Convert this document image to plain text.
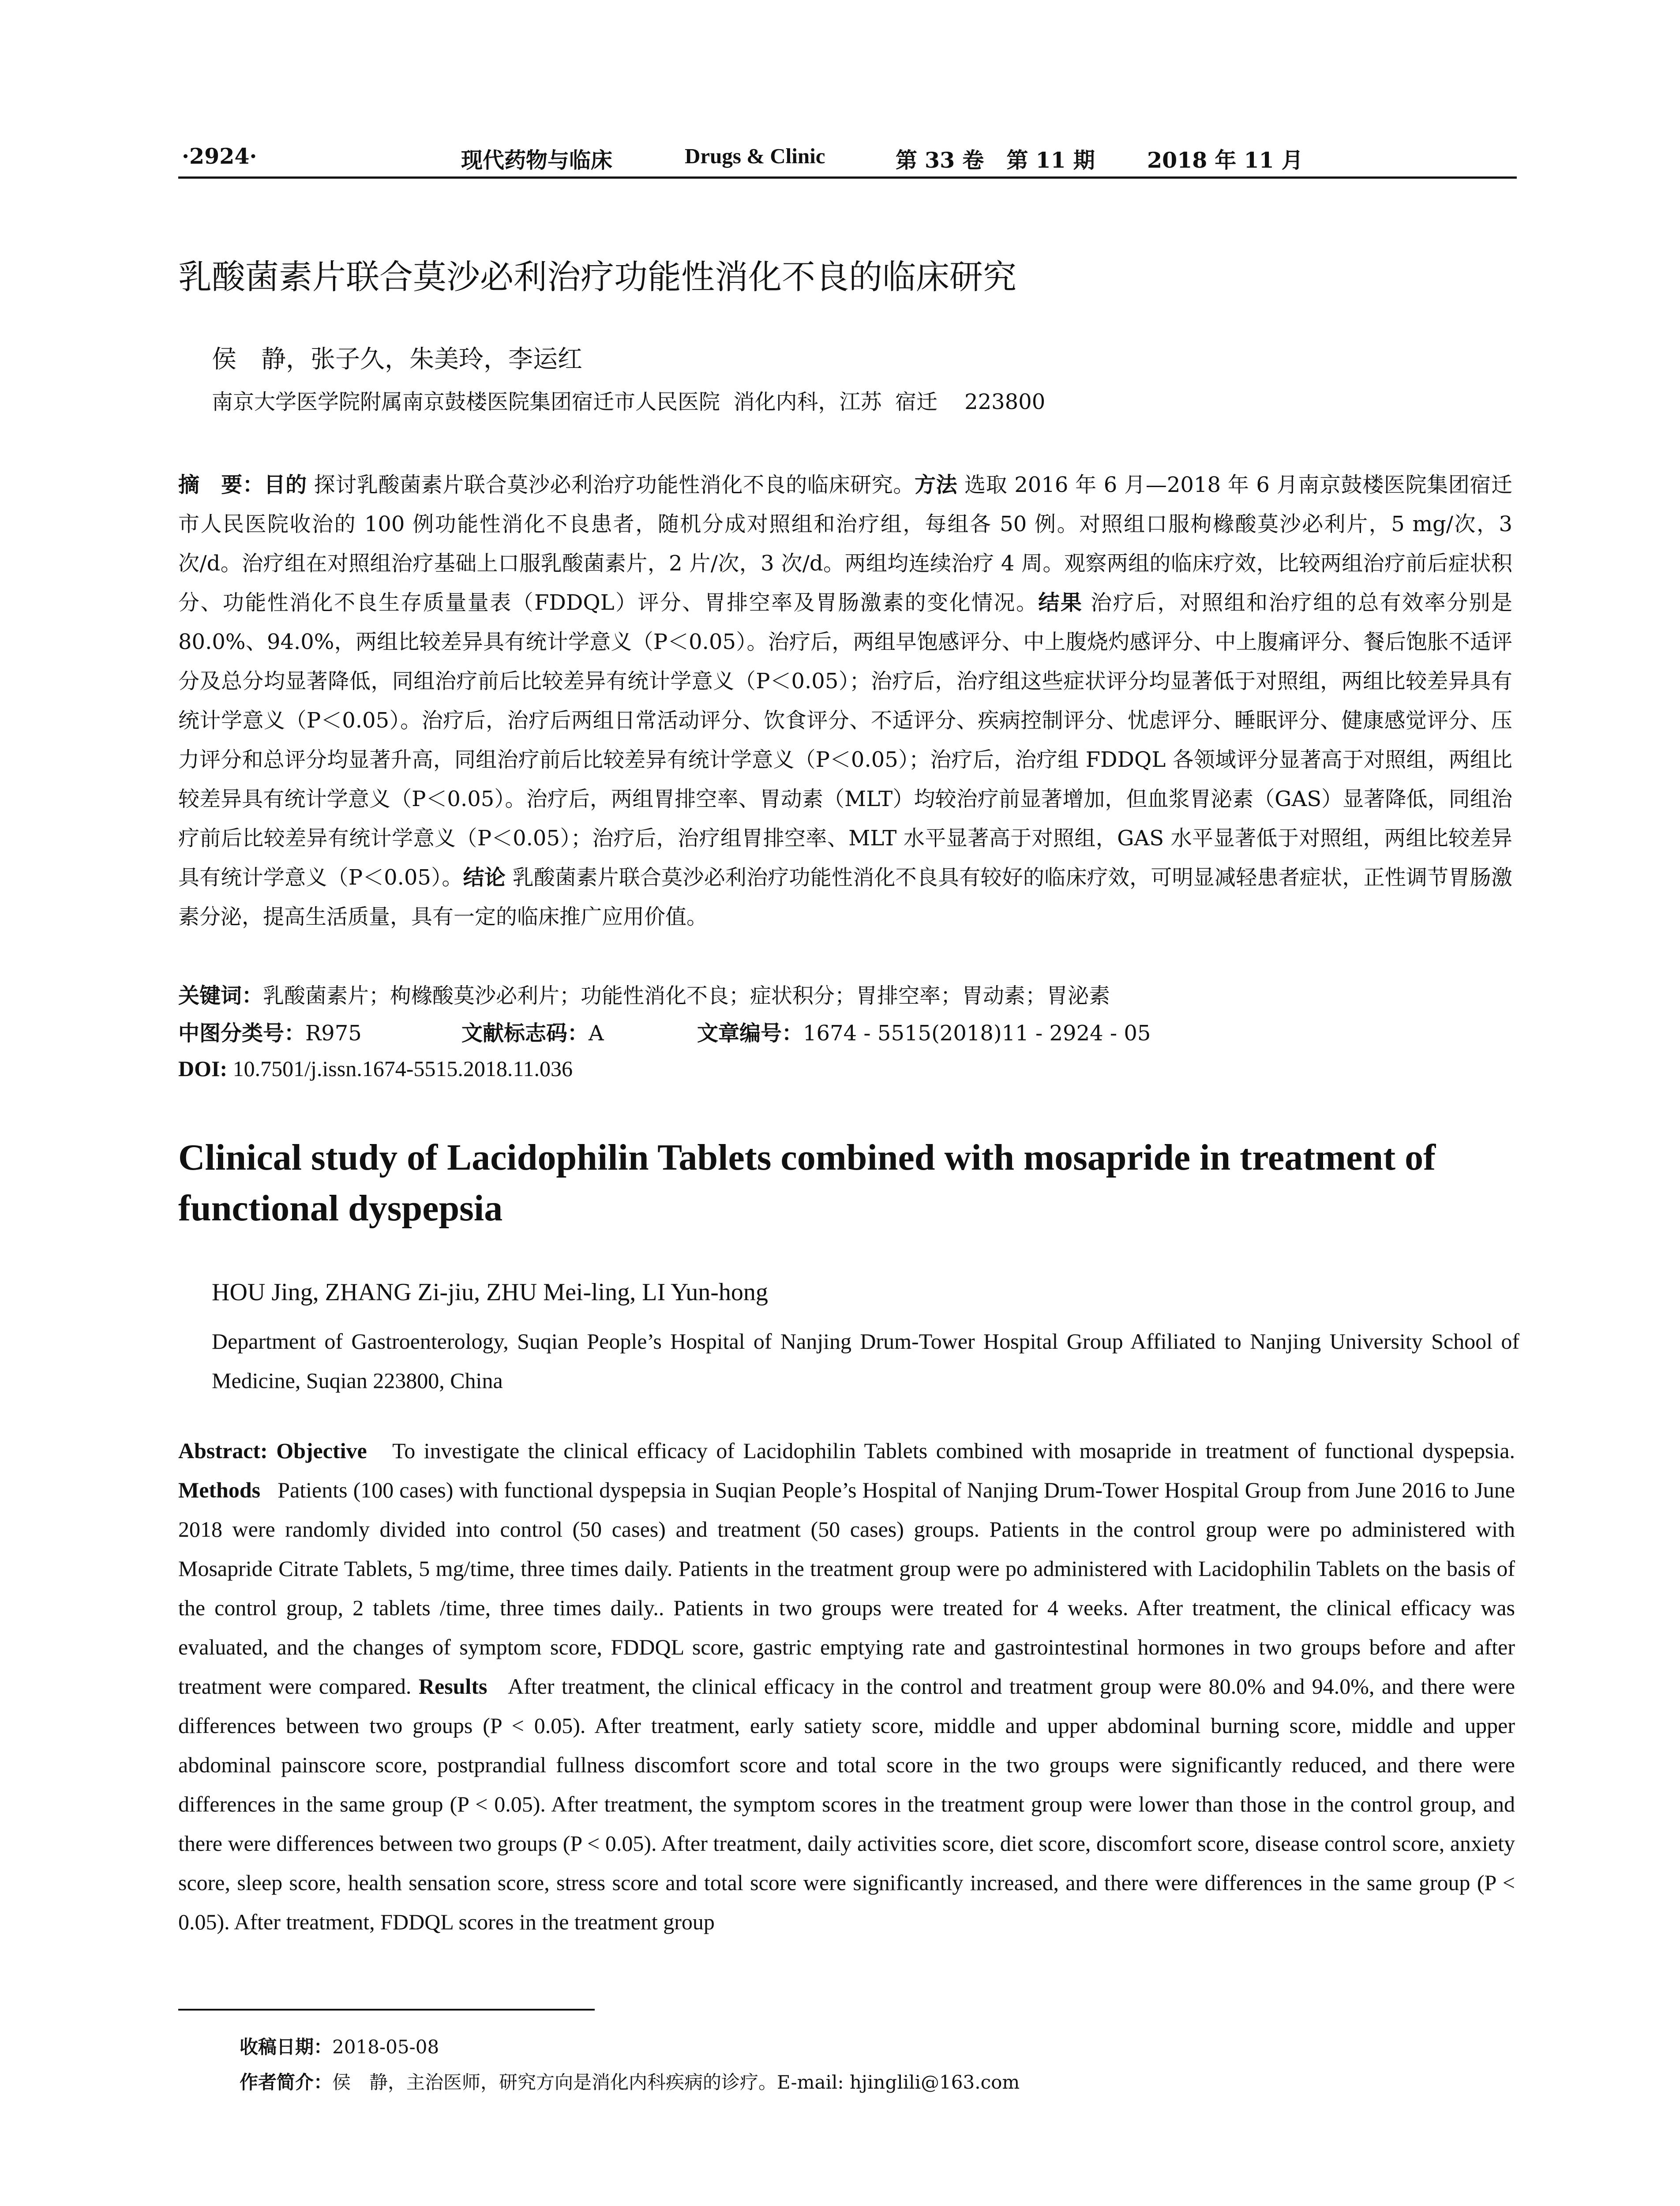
·2924·	现代药物与临床	Drugs & Clinic	第 33 卷   第 11 期 2018 年 11 月
乳酸菌素片联合莫沙必利治疗功能性消化不良的临床研究
侯　静，张子久，朱美玲，李运红
南京大学医学院附属南京鼓楼医院集团宿迁市人民医院  消化内科，江苏  宿迁    223800
摘　要：目的 探讨乳酸菌素片联合莫沙必利治疗功能性消化不良的临床研究。方法 选取 2016 年 6 月—2018 年 6 月南京鼓楼医院集团宿迁市人民医院收治的 100 例功能性消化不良患者，随机分成对照组和治疗组，每组各 50 例。对照组口服枸橼酸莫沙必利片，5 mg/次，3 次/d。治疗组在对照组治疗基础上口服乳酸菌素片，2 片/次，3 次/d。两组均连续治疗 4 周。观察两组的临床疗效，比较两组治疗前后症状积分、功能性消化不良生存质量量表（FDDQL）评分、胃排空率及胃肠激素的变化情况。结果 治疗后，对照组和治疗组的总有效率分别是 80.0%、94.0%，两组比较差异具有统计学意义（P＜0.05）。治疗后，两组早饱感评分、中上腹烧灼感评分、中上腹痛评分、餐后饱胀不适评分及总分均显著降低，同组治疗前后比较差异有统计学意义（P＜0.05）；治疗后，治疗组这些症状评分均显著低于对照组，两组比较差异具有统计学意义（P＜0.05）。治疗后，治疗后两组日常活动评分、饮食评分、不适评分、疾病控制评分、忧虑评分、睡眠评分、健康感觉评分、压力评分和总评分均显著升高，同组治疗前后比较差异有统计学意义（P＜0.05）；治疗后，治疗组 FDDQL 各领域评分显著高于对照组，两组比较差异具有统计学意义（P＜0.05）。治疗后，两组胃排空率、胃动素（MLT）均较治疗前显著增加，但血浆胃泌素（GAS）显著降低，同组治疗前后比较差异有统计学意义（P＜0.05）；治疗后，治疗组胃排空率、MLT 水平显著高于对照组，GAS 水平显著低于对照组，两组比较差异具有统计学意义（P＜0.05）。结论 乳酸菌素片联合莫沙必利治疗功能性消化不良具有较好的临床疗效，可明显减轻患者症状，正性调节胃肠激素分泌，提高生活质量，具有一定的临床推广应用价值。
关键词：乳酸菌素片；枸橼酸莫沙必利片；功能性消化不良；症状积分；胃排空率；胃动素；胃泌素
中图分类号：R975	文献标志码：A	文章编号：1674 - 5515(2018)11 - 2924 - 05
DOI: 10.7501/j.issn.1674-5515.2018.11.036
Clinical study of Lacidophilin Tablets combined with mosapride in treatment of functional dyspepsia
HOU Jing, ZHANG Zi-jiu, ZHU Mei-ling, LI Yun-hong
Department of Gastroenterology, Suqian People’s Hospital of Nanjing Drum-Tower Hospital Group Affiliated to Nanjing University School of Medicine, Suqian 223800, China
Abstract: Objective To investigate the clinical efficacy of Lacidophilin Tablets combined with mosapride in treatment of functional dyspepsia. Methods Patients (100 cases) with functional dyspepsia in Suqian People’s Hospital of Nanjing Drum-Tower Hospital Group from June 2016 to June 2018 were randomly divided into control (50 cases) and treatment (50 cases) groups. Patients in the control group were po administered with Mosapride Citrate Tablets, 5 mg/time, three times daily. Patients in the treatment group were po administered with Lacidophilin Tablets on the basis of the control group, 2 tablets /time, three times daily.. Patients in two groups were treated for 4 weeks. After treatment, the clinical efficacy was evaluated, and the changes of symptom score, FDDQL score, gastric emptying rate and gastrointestinal hormones in two groups before and after treatment were compared. Results After treatment, the clinical efficacy in the control and treatment group were 80.0% and 94.0%, and there were differences between two groups (P < 0.05). After treatment, early satiety score, middle and upper abdominal burning score, middle and upper abdominal painscore score, postprandial fullness discomfort score and total score in the two groups were significantly reduced, and there were differences in the same group (P < 0.05). After treatment, the symptom scores in the treatment group were lower than those in the control group, and there were differences between two groups (P < 0.05). After treatment, daily activities score, diet score, discomfort score, disease control score, anxiety score, sleep score, health sensation score, stress score and total score were significantly increased, and there were differences in the same group (P < 0.05). After treatment, FDDQL scores in the treatment group
收稿日期：2018-05-08
作者简介：侯　静，主治医师，研究方向是消化内科疾病的诊疗。E-mail: hjinglili@163.com
